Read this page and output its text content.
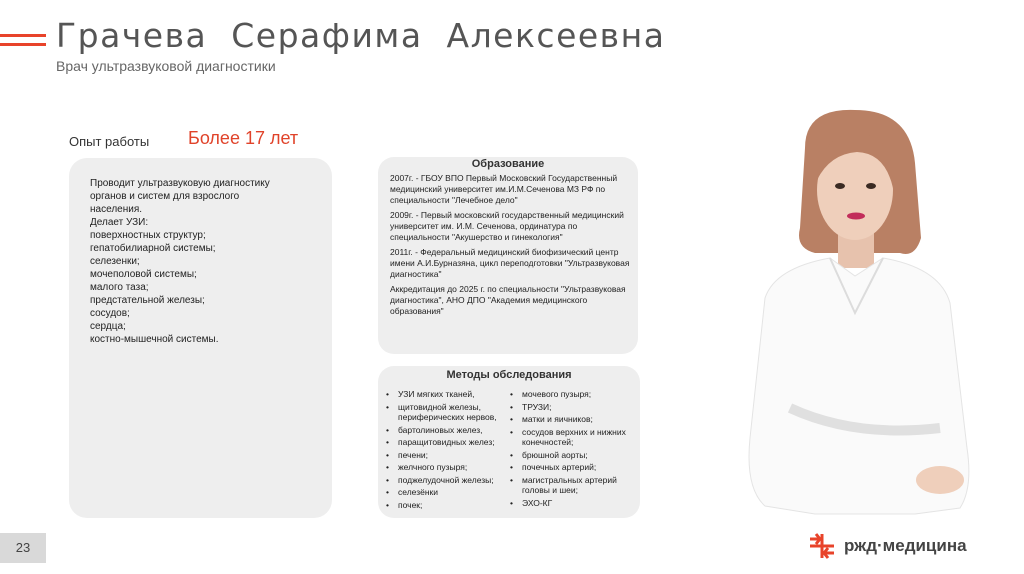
Грачева  Серафима  Алексеевна
Врач ультразвуковой диагностики
Опыт работы Более 17 лет
Проводит ультразвуковую диагностику
органов и систем для взрослого
населения.
Делает УЗИ:
поверхностных структур;
гепатобилиарной системы;
селезенки;
мочеполовой системы;
малого таза;
предстательной железы;
сосудов;
сердца;
костно-мышечной системы.
Образование
2007г. - ГБОУ ВПО Первый Московский Государственный медицинский университет им.И.М.Сеченова МЗ РФ по специальности "Лечебное дело"
2009г. - Первый московский государственный медицинский университет им. И.М. Сеченова, ординатура по специальности "Акушерство и гинекология"
2011г. - Федеральный медицинский биофизический центр имени А.И.Бурназяна, цикл переподготовки "Ультразвуковая диагностика"
Аккредитация до 2025 г. по специальности "Ультразвуковая диагностика", АНО ДПО "Академия медицинского образования"
Методы обследования
• УЗИ мягких тканей,
• щитовидной железы, периферических нервов,
• бартолиновых желез,
• паращитовидных желез;
• печени;
• желчного пузыря;
• поджелудочной железы;
• селезёнки
• почек;
• мочевого пузыря;
• ТРУЗИ;
• матки и яичников;
• сосудов верхних и нижних конечностей;
• брюшной аорты;
• почечных артерий;
• магистральных артерий головы и шеи;
• ЭХО-КГ
23	ржд·медицина
